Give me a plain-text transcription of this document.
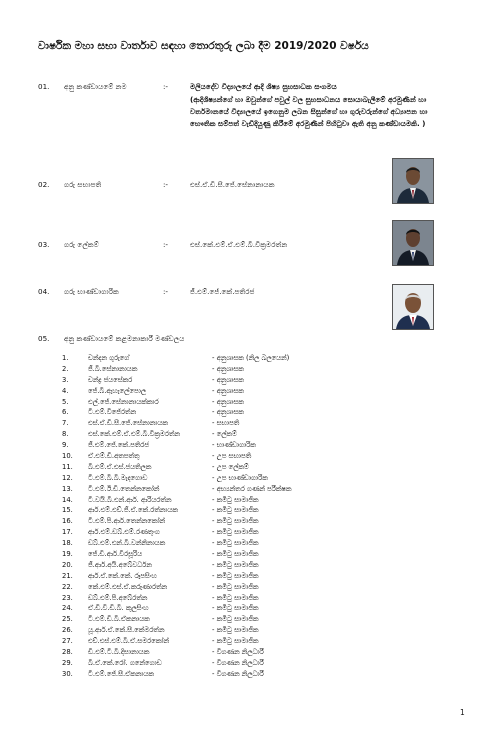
වාර්ෂික මහා සභා වාර්තාව සඳහා තොරතුරු ලබා දීම 2019/2020 වර්ෂය
01. අනු කණ්ඩායමේ නම	:-	මලියදේව විද්‍යාලයේ ආදි ශිෂ්‍ය සුභසාධක සංගමය
(ආදිශිෂ්‍යන්ගේ හා ඔවුන්ගේ පවුල් වල සුභසාධනය සොයාබැලීමේ අරමුණින් හා වර්තමානයේ විද්‍යාලයේ ඉගෙනුම ලබන සිසුන්ගේ හා ගුරුවරුන්ගේ අධ්‍යාපන හා භෞතික සම්පත් වැඩිදියුණු කිරීමේ අරමුණින් පිහිටුවා ඇති අනු කණ්ඩායමකි. )
02. ගරු සභාපති	:-	එස්.ඒ.ඩී.සී.ජේ.සේනානායක
03. ගරු ලේකම්	:-	එස්.කේ.එම්.ඒ.එම්.බී.වික්‍රමරත්න
04. ගරු භාණ්ඩාගාරික	:-	ජී.එම්.ජේ.කේ.පතිරජ
05. අනු කණ්ඩායමේ කළමනාකාරී මණ්ඩලය
1.	චන්දන ගුරුගේ	- අනුශාසක (නිල බලයෙන්)
2.	ජී.බී.සේනානායක	- අනුශාසක
3.	චන්ද්‍ර ජයසේකර	- අනුශාසක
4.	ජේ.බී.ඇහැලේපොල	- අනුශාසක
5.	එල්.ජේ.සේනානායක්කාර	- අනුශාසක
6.	ටී.එම්.විජේරත්න	- අනුශාසක
7.	එස්.ඒ.ඩී.සී.ජේ.සේනානායක	- සභාපති
8.	එස්.කේ.එම්.ඒ.එම්.බී.වික්‍රමරත්න	- ලේකම්
9.	ජී.එම්.ජේ.කේ.පතිරජ	- භාණ්ඩාගාරික
10.	ඒ.එම්.ඩී.අතපත්තු	- උප සභාපති
11.	බී.එම්.ඒ.එස්.ජයතිලක	- උප ලේකම්
12.	ටී.එම්.බී.බී.මැදගොඩ	- උප භාණ්ඩාගාරික
13.	ටී.එම්.ඊ.ඩී.තෙන්නකෝන්	- අභ්‍යන්තර ගණන් පරීක්ෂක
14.	ටී.වයි.බී.එන්.ආර්. ආරියරත්න	- කමිටු සාමාජික
15.	ආර්.එම්.එච්.ජී.ඒ.කේ.රත්නායක	- කමිටු සාමාජික
16.	ටී.එම්.පී.ආර්.තෙන්නකෝන්	- කමිටු සාමාජික
17.	ආර්.එම්.ඩබ්.එම්.රණතුංග	- කමිටු සාමාජික
18.	ඩබ්.එම්.එන්.බී.වන්නිනායක	- කමිටු සාමාජික
19.	ජේ.ඩී.ආර්.වීරසූරිය	- කමිටු සාමාජික
20.	ජී.ආර්.අයි.අබේවර්ධන	- කමිටු සාමාජික
21.	ආර්.ඒ.කේ.කේ. රූපසිංහ	- කමිටු සාමාජික
22.	කේ.එම්.එස්.ඒ.කරුණාරත්න	- කමිටු සාමාජික
23.	ඩබ්.එම්.පී.අබේරත්න	- කමිටු සාමාජික
24.	ඒ.ඩී.වී.ඩී.බී. කුලසිංහ	- කමිටු සාමාජික
25.	ටී.එම්.ඩී.බී.ඒකනායක	- කමිටු සාමාජික
26.	යූ.ආර්.ඒ.කේ.සී.කේමරත්න	- කමිටු සාමාජික
27.	එච්.එස්.එම්.බී.ඒ.සමරකෝන්	- කමිටු සාමාජික
28.	ඩී.එම්.ටී.බී.දිසානායක	- විගණන නිලධාරී
29.	බී.ඒ.කේ.රෝ. ගනේගොඩ	- විගණන නිලධාරී
30.	ටී.එම්.ජේ.සී.ඒකනායක	- විගණන නිලධාරී
1
